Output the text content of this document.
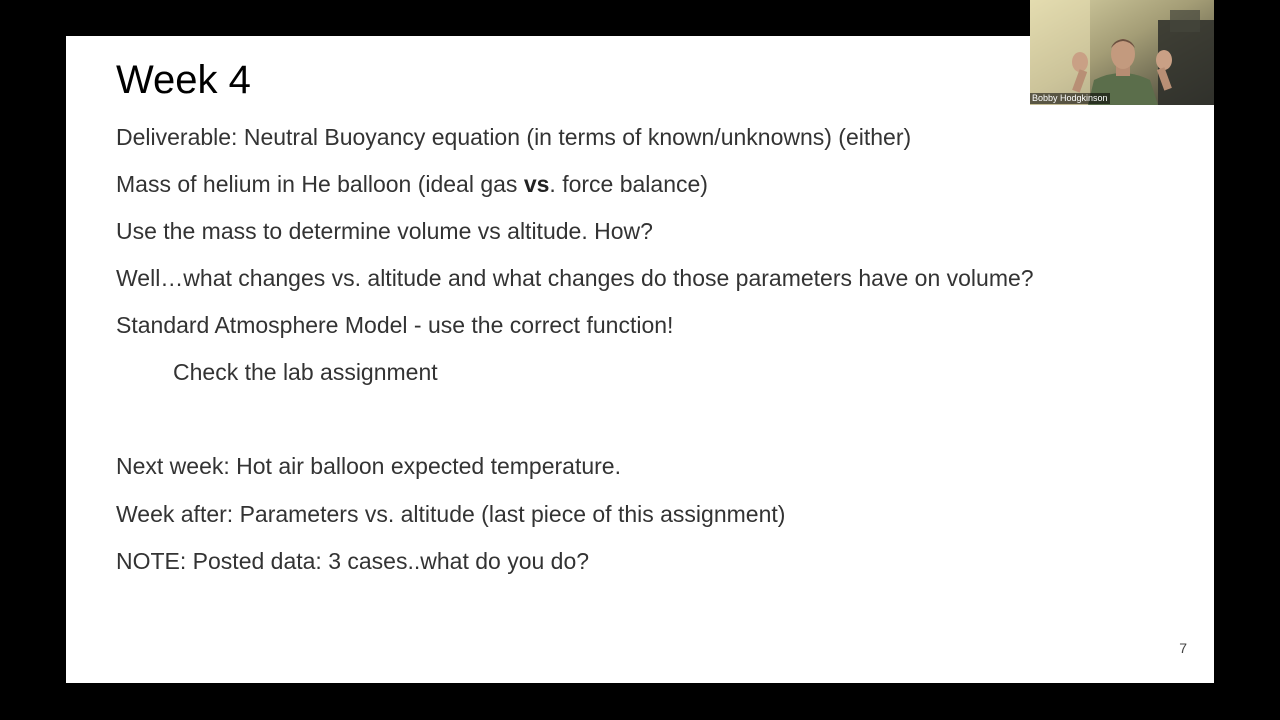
Week 4

Deliverable: Neutral Buoyancy equation (in terms of known/unknowns) (either)

Mass of helium in He balloon (ideal gas vs. force balance)

Use the mass to determine volume vs altitude. How?

Well…what changes vs. altitude and what changes do those parameters have on volume?

Standard Atmosphere Model - use the correct function!

Check the lab assignment

Next week: Hot air balloon expected temperature.

Week after: Parameters vs. altitude (last piece of this assignment)

NOTE: Posted data: 3 cases..what do you do?

7
Bobby Hodgkinson
